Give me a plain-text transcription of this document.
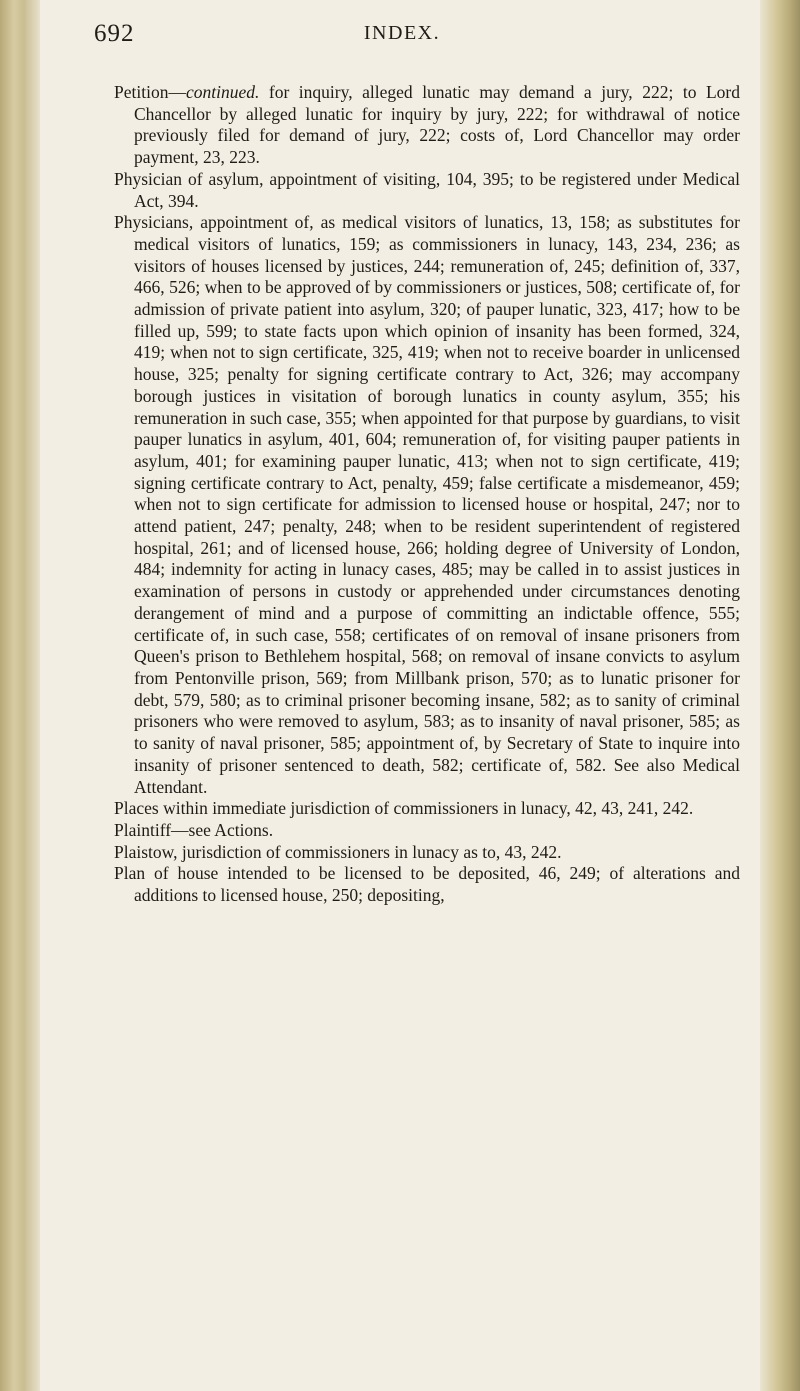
692	INDEX.

Petition—continued. for inquiry, alleged lunatic may demand a jury, 222; to Lord Chancellor by alleged lunatic for inquiry by jury, 222; for withdrawal of notice previously filed for demand of jury, 222; costs of, Lord Chancellor may order payment, 23, 223.

Physician of asylum, appointment of visiting, 104, 395; to be registered under Medical Act, 394.

Physicians, appointment of, as medical visitors of lunatics, 13, 158; as substitutes for medical visitors of lunatics, 159; as commissioners in lunacy, 143, 234, 236; as visitors of houses licensed by justices, 244; remuneration of, 245; definition of, 337, 466, 526; when to be approved of by commissioners or justices, 508; certificate of, for admission of private patient into asylum, 320; of pauper lunatic, 323, 417; how to be filled up, 599; to state facts upon which opinion of insanity has been formed, 324, 419; when not to sign certificate, 325, 419; when not to receive boarder in unlicensed house, 325; penalty for signing certificate contrary to Act, 326; may accompany borough justices in visitation of borough lunatics in county asylum, 355; his remuneration in such case, 355; when appointed for that purpose by guardians, to visit pauper lunatics in asylum, 401, 604; remuneration of, for visiting pauper patients in asylum, 401; for examining pauper lunatic, 413; when not to sign certificate, 419; signing certificate contrary to Act, penalty, 459; false certificate a misdemeanor, 459; when not to sign certificate for admission to licensed house or hospital, 247; nor to attend patient, 247; penalty, 248; when to be resident superintendent of registered hospital, 261; and of licensed house, 266; holding degree of University of London, 484; indemnity for acting in lunacy cases, 485; may be called in to assist justices in examination of persons in custody or apprehended under circumstances denoting derangement of mind and a purpose of committing an indictable offence, 555; certificate of, in such case, 558; certificates of on removal of insane prisoners from Queen's prison to Bethlehem hospital, 568; on removal of insane convicts to asylum from Pentonville prison, 569; from Millbank prison, 570; as to lunatic prisoner for debt, 579, 580; as to criminal prisoner becoming insane, 582; as to sanity of criminal prisoners who were removed to asylum, 583; as to insanity of naval prisoner, 585; as to sanity of naval prisoner, 585; appointment of, by Secretary of State to inquire into insanity of prisoner sentenced to death, 582; certificate of, 582. See also Medical Attendant.

Places within immediate jurisdiction of commissioners in lunacy, 42, 43, 241, 242.

Plaintiff—see Actions.

Plaistow, jurisdiction of commissioners in lunacy as to, 43, 242.

Plan of house intended to be licensed to be deposited, 46, 249; of alterations and additions to licensed house, 250; depositing,
